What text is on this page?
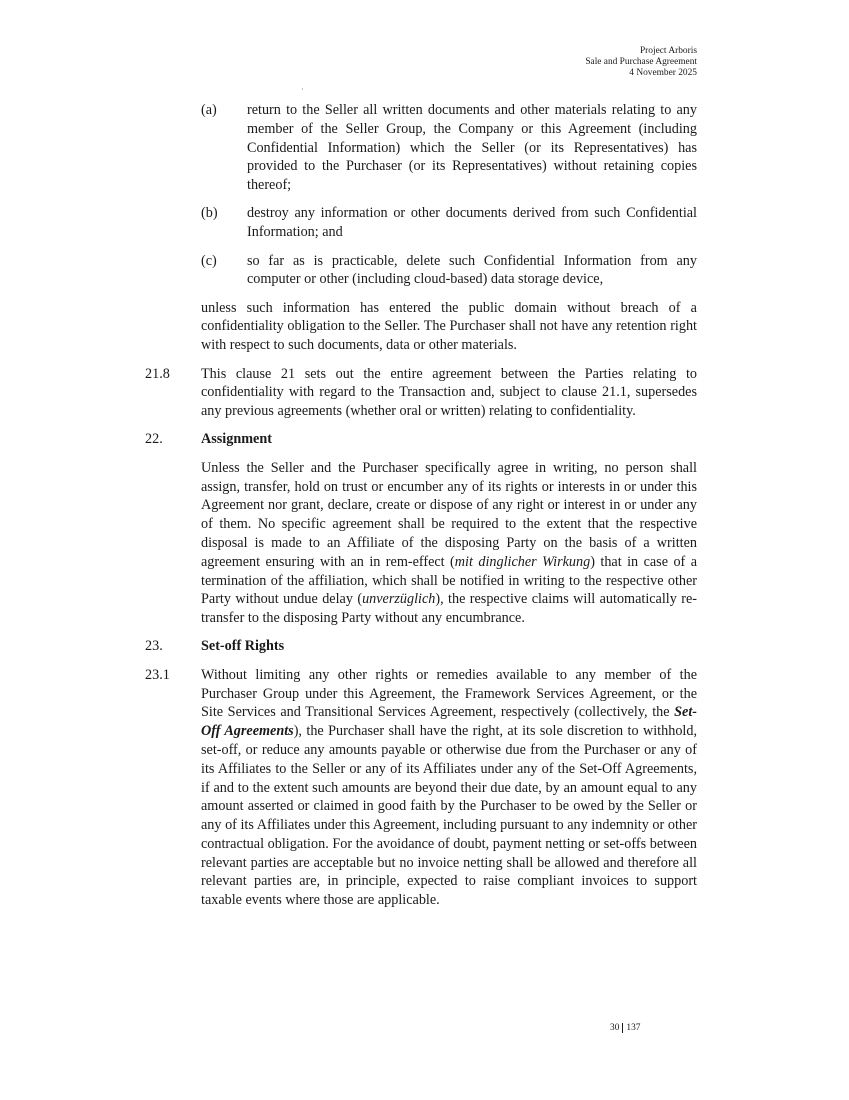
Project Arboris
Sale and Purchase Agreement
4 November 2025
·
(a)	return to the Seller all written documents and other materials relating to any member of the Seller Group, the Company or this Agreement (including Confidential Information) which the Seller (or its Representatives) has provided to the Purchaser (or its Representatives) without retaining copies thereof;
(b)	destroy any information or other documents derived from such Confidential Information; and
(c)	so far as is practicable, delete such Confidential Information from any computer or other (including cloud-based) data storage device,
unless such information has entered the public domain without breach of a confidentiality obligation to the Seller. The Purchaser shall not have any retention right with respect to such documents, data or other materials.
21.8	This clause 21 sets out the entire agreement between the Parties relating to confidentiality with regard to the Transaction and, subject to clause 21.1, supersedes any previous agreements (whether oral or written) relating to confidentiality.
22.	Assignment
Unless the Seller and the Purchaser specifically agree in writing, no person shall assign, transfer, hold on trust or encumber any of its rights or interests in or under this Agreement nor grant, declare, create or dispose of any right or interest in or under any of them. No specific agreement shall be required to the extent that the respective disposal is made to an Affiliate of the disposing Party on the basis of a written agreement ensuring with an in rem-effect (mit dinglicher Wirkung) that in case of a termination of the affiliation, which shall be notified in writing to the respective other Party without undue delay (unverzüglich), the respective claims will automatically re-transfer to the disposing Party without any encumbrance.
23.	Set-off Rights
23.1	Without limiting any other rights or remedies available to any member of the Purchaser Group under this Agreement, the Framework Services Agreement, or the Site Services and Transitional Services Agreement, respectively (collectively, the Set-Off Agreements), the Purchaser shall have the right, at its sole discretion to withhold, set-off, or reduce any amounts payable or otherwise due from the Purchaser or any of its Affiliates to the Seller or any of its Affiliates under any of the Set-Off Agreements, if and to the extent such amounts are beyond their due date, by an amount equal to any amount asserted or claimed in good faith by the Purchaser to be owed by the Seller or any of its Affiliates under this Agreement, including pursuant to any indemnity or other contractual obligation. For the avoidance of doubt, payment netting or set-offs between relevant parties are acceptable but no invoice netting shall be allowed and therefore all relevant parties are, in principle, expected to raise compliant invoices to support taxable events where those are applicable.
30 137
